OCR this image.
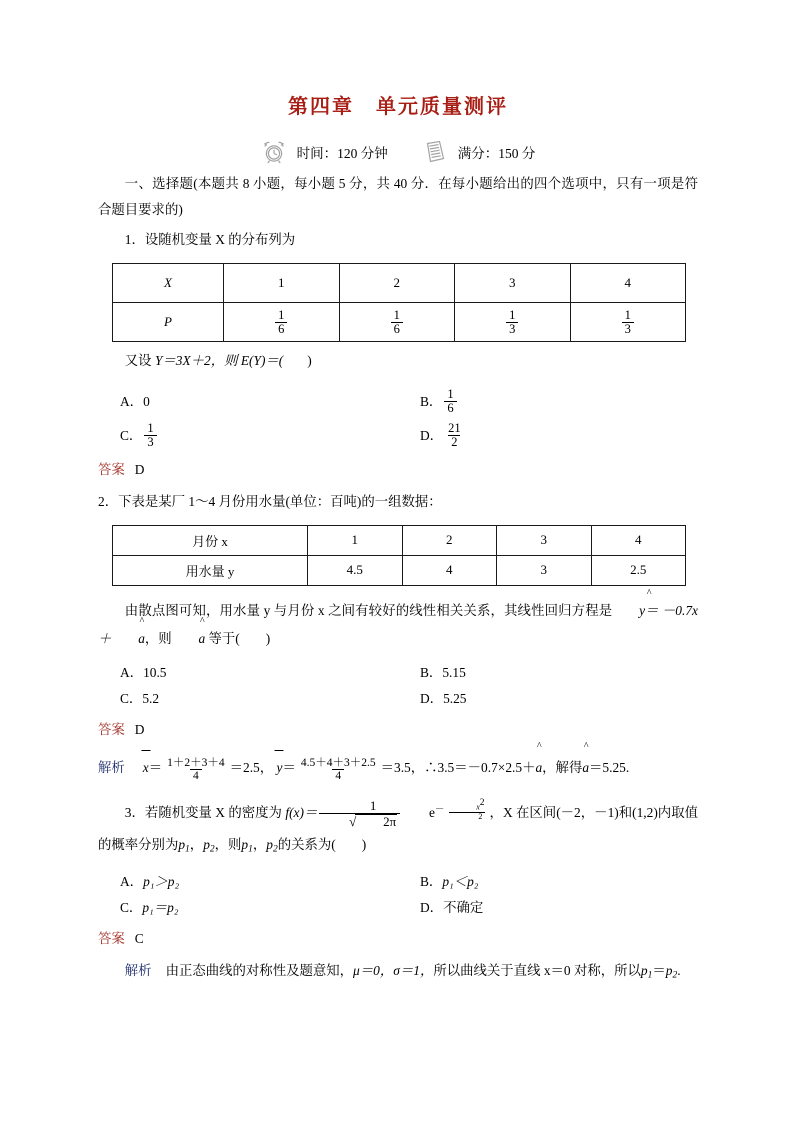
第四章 单元质量测评
时间：120 分钟	满分：150 分
一、选择题(本题共 8 小题，每小题 5 分，共 40 分．在每小题给出的四个选项中，只有一项是符合题目要求的)
1．设随机变量 X 的分布列为
X	1	2	3	4
P	$\frac{1}{6}$	$\frac{1}{6}$	$\frac{1}{3}$	$\frac{1}{3}$
又设 Y＝3X＋2，则 E(Y)＝( )
A． 0
C． $\frac{1}{3}$
B． $\frac{1}{6}$
D． $\frac{21}{2}$
答案 D
2．下表是某厂 1～4 月份用水量(单位：百吨)的一组数据：
月份 x	1	2	3	4
用水量 y	4.5	4	3	2.5
由散点图可知，用水量 y 与月份 x 之间有较好的线性相关关系，其线性回归方程是
^
y＝ －0.7x＋
^
a，则
^
a 等于( )
A． 10.5
C． 5.2
B． 5.15
D． 5.25
答案 D
解析 $x= \frac{1+2+3+4}{4} =2.5$， $y= \frac{4.5+4+3+2.5}{4} =3.5$，∴3.5＝－0.7×2.5＋
^
a，解得
^
a＝5.25.
3．若随机变量 X 的密度为 $f(x)= \frac{1}{√ 2\pi} e^{- \frac{x^2}{2}}$ ，X 在区间(－2，－1)和(1,2)内取值的概率分别为$p_1$，$p_2$，则$p_1$，$p_2$的关系为( )
A． p₁＞p₂
C． p₁＝p₂
B． p₁＜p₂
D． 不确定
答案 C
解析 由正态曲线的对称性及题意知，μ＝0，σ＝1，所以曲线关于直线 x＝0 对称，所以$p_1=p_2$.
